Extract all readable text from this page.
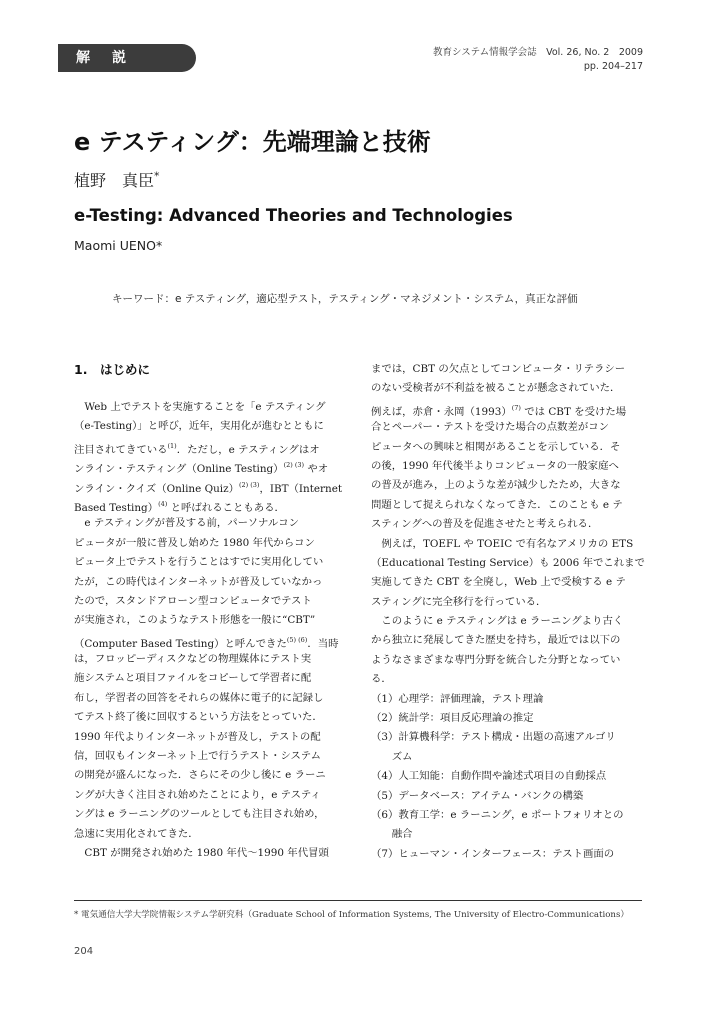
解説	教育システム情報学会誌　Vol. 26, No. 2　2009
pp. 204–217
e テスティング：先端理論と技術
植野　真臣*
e-Testing: Advanced Theories and Technologies
Maomi UENO*
キーワード：e テスティング，適応型テスト，テスティング・マネジメント・システム，真正な評価
1.　はじめに
　Web 上でテストを実施することを「e テスティング
（e-Testing）」と呼び，近年，実用化が進むとともに
注目されてきている$^{(1)}$．ただし，e テスティングはオ
ンライン・テスティング（Online Testing）$^{(2) (3)}$ やオ
ンライン・クイズ（Online Quiz）$^{(2) (3)}$，IBT（Internet
Based Testing）$^{(4)}$ と呼ばれることもある．
　e テスティングが普及する前，パーソナルコン
ピュータが一般に普及し始めた 1980 年代からコン
ピュータ上でテストを行うことはすでに実用化してい
たが，この時代はインターネットが普及していなかっ
たので，スタンドアローン型コンピュータでテスト
が実施され，このようなテスト形態を一般に“CBT”
（Computer Based Testing）と呼んできた$^{(5) (6)}$．当時
は，フロッピーディスクなどの物理媒体にテスト実
施システムと項目ファイルをコピーして学習者に配
布し，学習者の回答をそれらの媒体に電子的に記録し
てテスト終了後に回収するという方法をとっていた．
1990 年代よりインターネットが普及し，テストの配
信，回収もインターネット上で行うテスト・システム
の開発が盛んになった．さらにその少し後に e ラーニ
ングが大きく注目され始めたことにより，e テスティ
ングは e ラーニングのツールとしても注目され始め，
急速に実用化されてきた．
　CBT が開発され始めた 1980 年代～1990 年代冒頭
までは，CBT の欠点としてコンピュータ・リテラシー
のない受検者が不利益を被ることが懸念されていた．
例えば，赤倉・永岡$(1993)^{(7)}$ では CBT を受けた場
合とペーパー・テストを受けた場合の点数差がコン
ピュータへの興味と相関があることを示している．そ
の後，1990 年代後半よりコンピュータの一般家庭へ
の普及が進み，上のような差が減少したため，大きな
問題として捉えられなくなってきた．このことも e テ
スティングへの普及を促進させたと考えられる．
　例えば，TOEFL や TOEIC で有名なアメリカの ETS
（Educational Testing Service）も 2006 年でこれまで
実施してきた CBT を全廃し，Web 上で受検する e テ
スティングに完全移行を行っている．
　このように e テスティングは e ラーニングより古く
から独立に発展してきた歴史を持ち，最近では以下の
ようなさまざまな専門分野を統合した分野となってい
る．
（1）心理学：評価理論，テスト理論
（2）統計学：項目反応理論の推定
（3）計算機科学：テスト構成・出題の高速アルゴリ
　　ズム
（4）人工知能：自動作問や論述式項目の自動採点
（5）データベース：アイテム・バンクの構築
（6）教育工学：e ラーニング，e ポートフォリオとの
　　融合
（7）ヒューマン・インターフェース：テスト画面の
* 電気通信大学大学院情報システム学研究科（Graduate School of Information Systems, The University of Electro-Communications）
204
